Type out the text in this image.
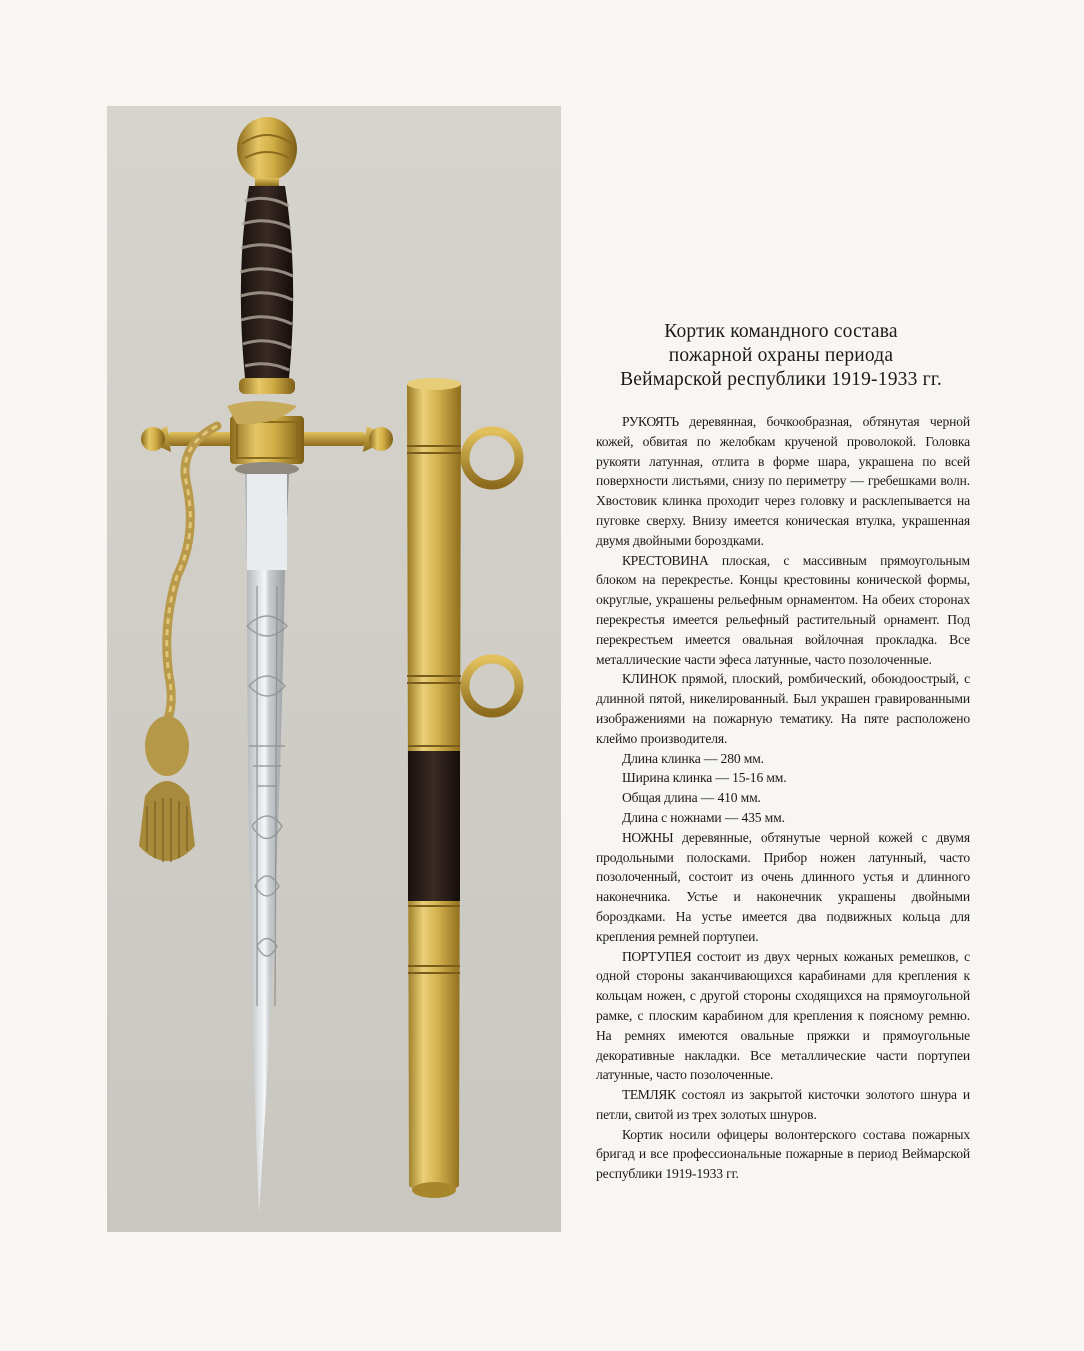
Кортик командного состава
пожарной охраны периода
Веймарской республики 1919-1933 гг.

РУКОЯТЬ деревянная, бочкообразная, обтянутая черной кожей, обвитая по желобкам крученой проволокой. Головка рукояти латунная, отлита в форме шара, украшена по всей поверхности листьями, снизу по периметру — гребешками волн. Хвостовик клинка проходит через головку и расклепывается на пуговке сверху. Внизу имеется коническая втулка, украшенная двумя двойными бороздками.

КРЕСТОВИНА плоская, с массивным прямоугольным блоком на перекрестье. Концы крестовины конической формы, округлые, украшены рельефным орнаментом. На обеих сторонах перекрестья имеется рельефный растительный орнамент. Под перекрестьем имеется овальная войлочная прокладка. Все металлические части эфеса латунные, часто позолоченные.

КЛИНОК прямой, плоский, ромбический, обоюдоострый, с длинной пятой, никелированный. Был украшен гравированными изображениями на пожарную тематику. На пяте расположено клеймо производителя.

Длина клинка — 280 мм.

Ширина клинка — 15-16 мм.

Общая длина — 410 мм.

Длина с ножнами — 435 мм.

НОЖНЫ деревянные, обтянутые черной кожей с двумя продольными полосками. Прибор ножен латунный, часто позолоченный, состоит из очень длинного устья и длинного наконечника. Устье и наконечник украшены двойными бороздками. На устье имеется два подвижных кольца для крепления ремней портупеи.

ПОРТУПЕЯ состоит из двух черных кожаных ремешков, с одной стороны заканчивающихся карабинами для крепления к кольцам ножен, с другой стороны сходящихся на прямоугольной рамке, с плоским карабином для крепления к поясному ремню. На ремнях имеются овальные пряжки и прямоугольные декоративные накладки. Все металлические части портупеи латунные, часто позолоченные.

ТЕМЛЯК состоял из закрытой кисточки золотого шнура и петли, свитой из трех золотых шнуров.

Кортик носили офицеры волонтерского состава пожарных бригад и все профессиональные пожарные в период Веймарской республики 1919-1933 гг.
